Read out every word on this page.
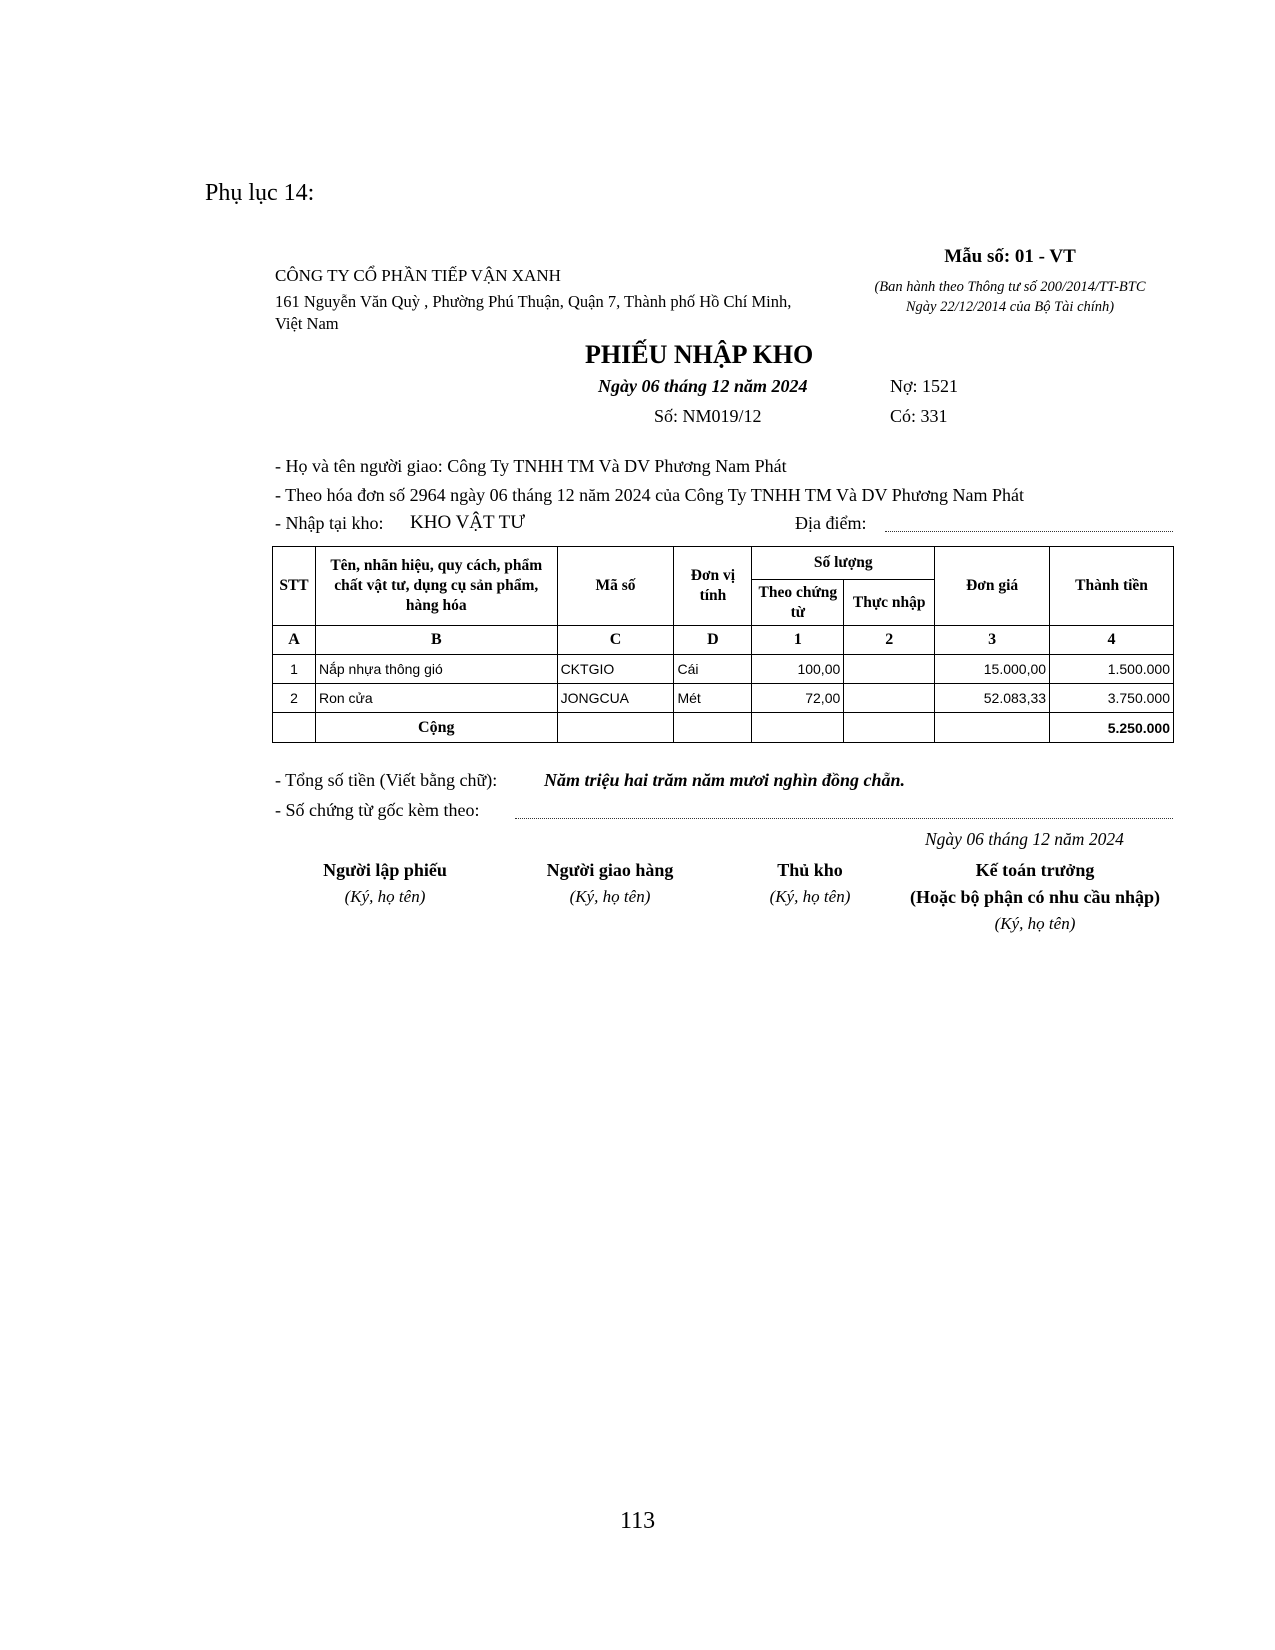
Phụ lục 14:
CÔNG TY CỔ PHẦN TIẾP VẬN XANH
161 Nguyễn Văn Quỳ , Phường Phú Thuận, Quận 7, Thành phố Hồ Chí Minh, Việt Nam
Mẫu số: 01 - VT
(Ban hành theo Thông tư số 200/2014/TT-BTC
Ngày 22/12/2014 của Bộ Tài chính)
PHIẾU NHẬP KHO
Ngày 06 tháng 12 năm 2024
Số: NM019/12
Nợ: 1521
Có: 331
- Họ và tên người giao: Công Ty TNHH TM Và DV Phương Nam Phát
- Theo hóa đơn số 2964 ngày 06 tháng 12 năm 2024 của Công Ty TNHH TM Và DV Phương Nam Phát
- Nhập tại kho: KHO VẬT TƯ	Địa điểm:
STT	Tên, nhãn hiệu, quy cách, phẩm chất vật tư, dụng cụ sản phẩm, hàng hóa	Mã số	Đơn vị tính	Số lượng		Đơn giá	Thành tiền
				Theo chứng từ	Thực nhập		
A	B	C	D	1	2	3	4
1	Nắp nhựa thông gió	CKTGIO	Cái	100,00		15.000,00	1.500.000
2	Ron cửa	JONGCUA	Mét	72,00		52.083,33	3.750.000
	Cộng						5.250.000
- Tổng số tiền (Viết bằng chữ):	Năm triệu hai trăm năm mươi nghìn đồng chẵn.
- Số chứng từ gốc kèm theo:
Ngày 06 tháng 12 năm 2024
Người lập phiếu
(Ký, họ tên)
Người giao hàng
(Ký, họ tên)
Thủ kho
(Ký, họ tên)
Kế toán trưởng
(Hoặc bộ phận có nhu cầu nhập)
(Ký, họ tên)
113
